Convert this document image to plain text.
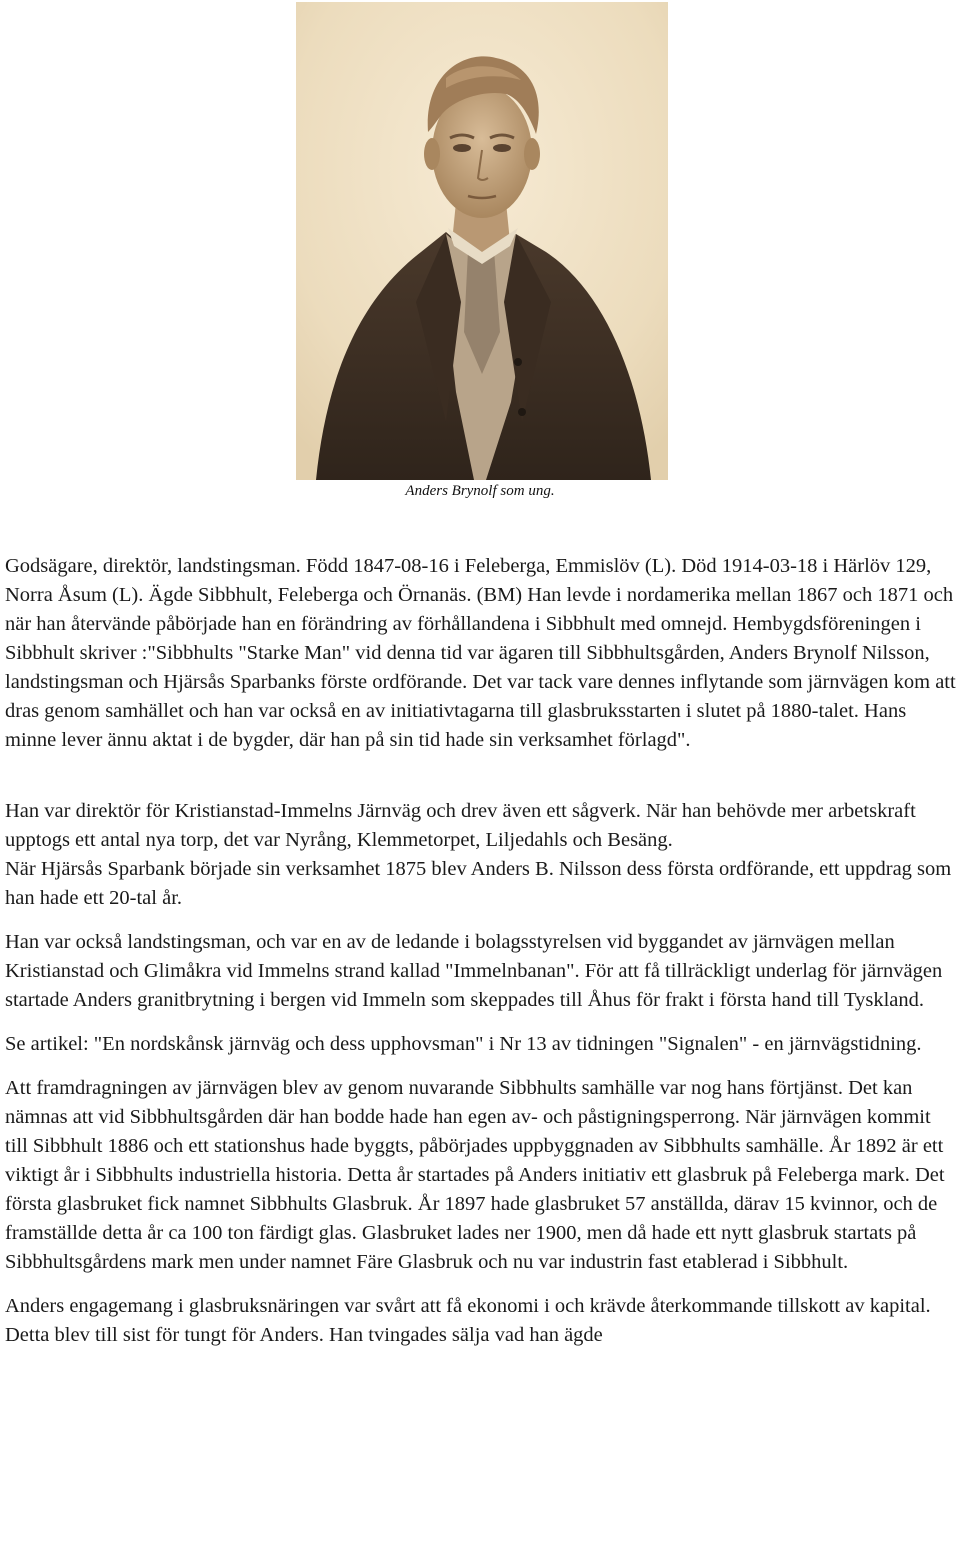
Anders Brynolf som ung.

Godsägare, direktör, landstingsman. Född 1847-08-16 i Feleberga, Emmislöv (L). Död 1914-03-18 i Härlöv 129, Norra Åsum (L). Ägde Sibbhult, Feleberga och Örnanäs. (BM) Han levde i nordamerika mellan 1867 och 1871 och när han återvände påbörjade han en förändring av förhållandena i Sibbhult med omnejd. Hembygdsföreningen i Sibbhult skriver :"Sibbhults "Starke Man" vid denna tid var ägaren till Sibbhultsgården, Anders Brynolf Nilsson, landstingsman och Hjärsås Sparbanks förste ordförande. Det var tack vare dennes inflytande som järnvägen kom att dras genom samhället och han var också en av initiativtagarna till glasbruksstarten i slutet på 1880-talet. Hans minne lever ännu aktat i de bygder, där han på sin tid hade sin verksamhet förlagd".

Han var direktör för Kristianstad-Immelns Järnväg och drev även ett sågverk. När han behövde mer arbetskraft upptogs ett antal nya torp, det var Nyrång, Klemmetorpet, Liljedahls och Besäng.

När Hjärsås Sparbank började sin verksamhet 1875 blev Anders B. Nilsson dess första ordförande, ett uppdrag som han hade ett 20-tal år.

Han var också landstingsman, och var en av de ledande i bolagsstyrelsen vid byggandet av järnvägen mellan Kristianstad och Glimåkra vid Immelns strand kallad "Immelnbanan". För att få tillräckligt underlag för järnvägen startade Anders granitbrytning i bergen vid Immeln som skeppades till Åhus för frakt i första hand till Tyskland.

Se artikel: "En nordskånsk järnväg och dess upphovsman" i Nr 13 av tidningen "Signalen" - en järnvägstidning.

Att framdragningen av järnvägen blev av genom nuvarande Sibbhults samhälle var nog hans förtjänst. Det kan nämnas att vid Sibbhultsgården där han bodde hade han egen av- och påstigningsperrong. När järnvägen kommit till Sibbhult 1886 och ett stationshus hade byggts, påbörjades uppbyggnaden av Sibbhults samhälle. År 1892 är ett viktigt år i Sibbhults industriella historia. Detta år startades på Anders initiativ ett glasbruk på Feleberga mark. Det första glasbruket fick namnet Sibbhults Glasbruk. År 1897 hade glasbruket 57 anställda, därav 15 kvinnor, och de framställde detta år ca 100 ton färdigt glas. Glasbruket lades ner 1900, men då hade ett nytt glasbruk startats på Sibbhultsgårdens mark men under namnet Färe Glasbruk och nu var industrin fast etablerad i Sibbhult.

Anders engagemang i glasbruksnäringen var svårt att få ekonomi i och krävde återkommande tillskott av kapital. Detta blev till sist för tungt för Anders. Han tvingades sälja vad han ägde
